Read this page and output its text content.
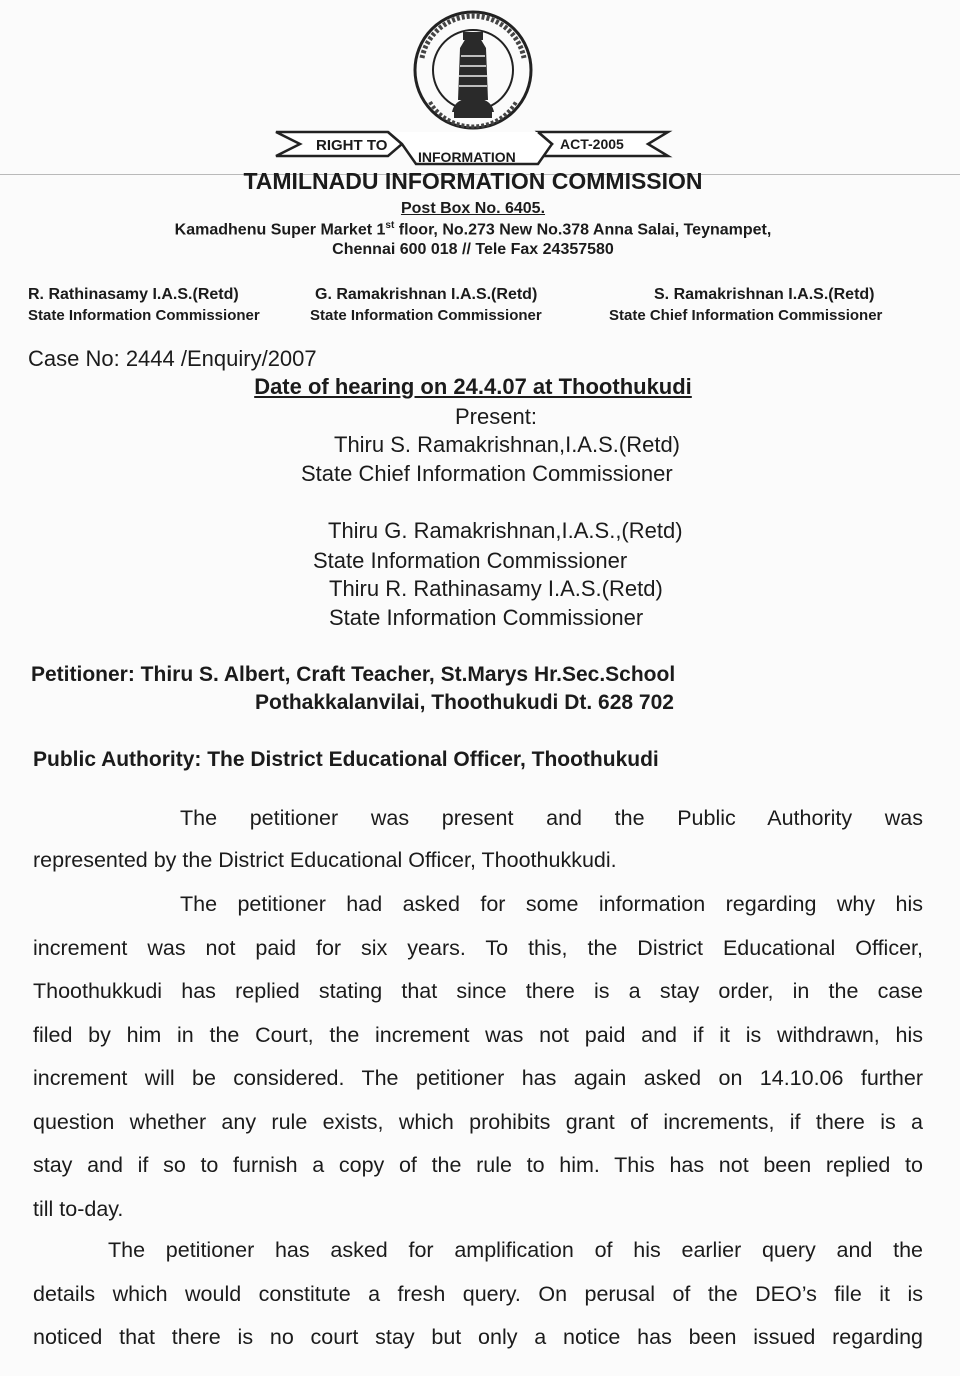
RIGHT TO
INFORMATION
ACT-2005
TAMILNADU INFORMATION COMMISSION
Post Box No. 6405.
Kamadhenu Super Market 1st floor, No.273 New No.378 Anna Salai, Teynampet,
Chennai 600 018 // Tele Fax 24357580
R. Rathinasamy I.A.S.(Retd)
State Information Commissioner
G. Ramakrishnan I.A.S.(Retd)
State Information Commissioner
S. Ramakrishnan I.A.S.(Retd)
State Chief Information Commissioner
Case No: 2444 /Enquiry/2007
Date of hearing on 24.4.07 at Thoothukudi
Present:
Thiru S. Ramakrishnan,I.A.S.(Retd)
State Chief Information Commissioner
Thiru G. Ramakrishnan,I.A.S.,(Retd)
State Information Commissioner
Thiru R. Rathinasamy I.A.S.(Retd)
State Information Commissioner
Petitioner: Thiru S. Albert, Craft Teacher, St.Marys Hr.Sec.School
Pothakkalanvilai, Thoothukudi Dt. 628 702
Public Authority: The District Educational Officer, Thoothukudi
The petitioner was present and the Public Authority was
represented by the District Educational Officer, Thoothukkudi.
The petitioner had asked for some information regarding why his
increment was not paid for six years. To this, the District Educational Officer,
Thoothukkudi has replied stating that since there is a stay order, in the case
filed by him in the Court, the increment was not paid and if it is withdrawn, his
increment will be considered. The petitioner has again asked on 14.10.06 further
question whether any rule exists, which prohibits grant of increments, if there is a
stay and if so to furnish a copy of the rule to him. This has not been replied to
till to-day.
The petitioner has asked for amplification of his earlier query and the
details which would constitute a fresh query. On perusal of the DEO’s file it is
noticed that there is no court stay but only a notice has been issued regarding
